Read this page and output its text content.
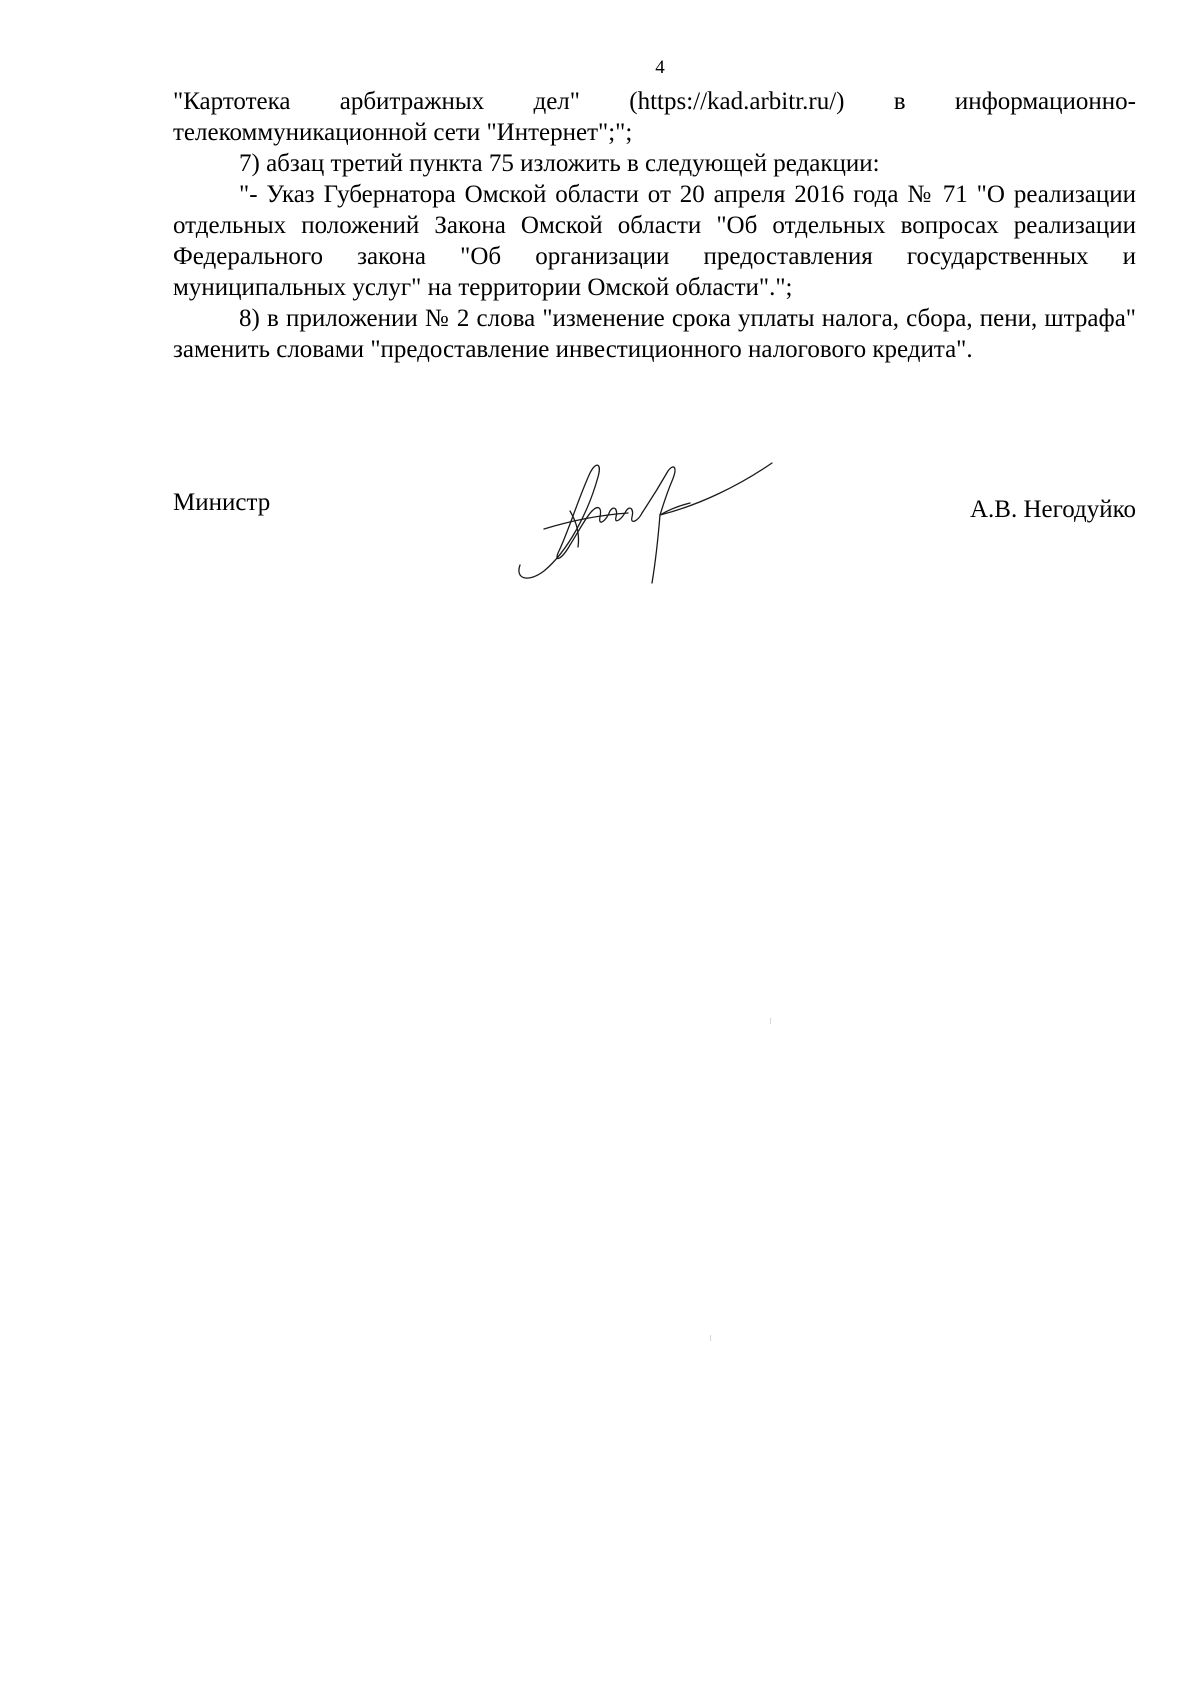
4

"Картотека арбитражных дел" (https://kad.arbitr.ru/) в информационно-телекоммуникационной сети "Интернет";";

7) абзац третий пункта 75 изложить в следующей редакции:

"- Указ Губернатора Омской области от 20 апреля 2016 года № 71 "О реализации отдельных положений Закона Омской области "Об отдельных вопросах реализации Федерального закона "Об организации предоставления государственных и муниципальных услуг" на территории Омской области".";

8) в приложении № 2 слова "изменение срока уплаты налога, сбора, пени, штрафа" заменить словами "предоставление инвестиционного налогового кредита".

Министр	А.В. Негодуйко
